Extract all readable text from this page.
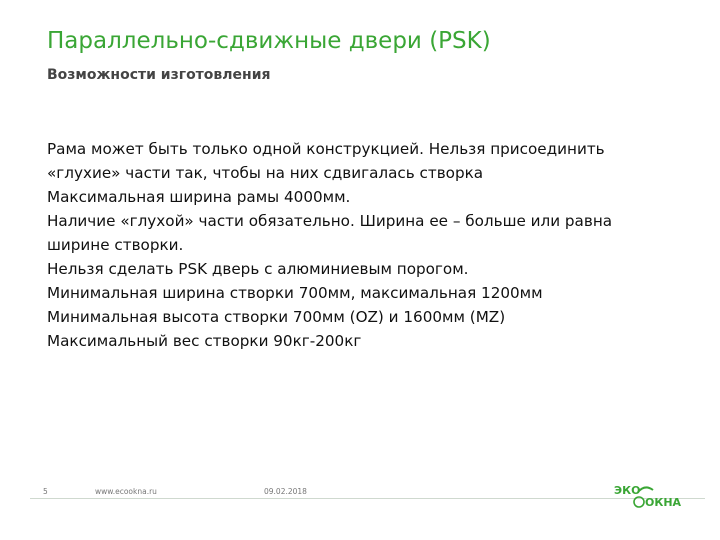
Параллельно-сдвижные двери (PSK)
Возможности изготовления
Рама может быть только одной конструкцией. Нельзя присоединить
«глухие» части так, чтобы на них сдвигалась створка
Максимальная ширина рамы 4000мм.
Наличие «глухой» части обязательно. Ширина ее – больше или равна
ширине створки.
Нельзя сделать PSK дверь с алюминиевым порогом.
Минимальная ширина створки 700мм, максимальная 1200мм
Минимальная высота створки 700мм (OZ) и 1600мм (MZ)
Максимальный вес створки 90кг-200кг
5	www.ecookna.ru	09.02.2018	ЭКО
ОКНА
